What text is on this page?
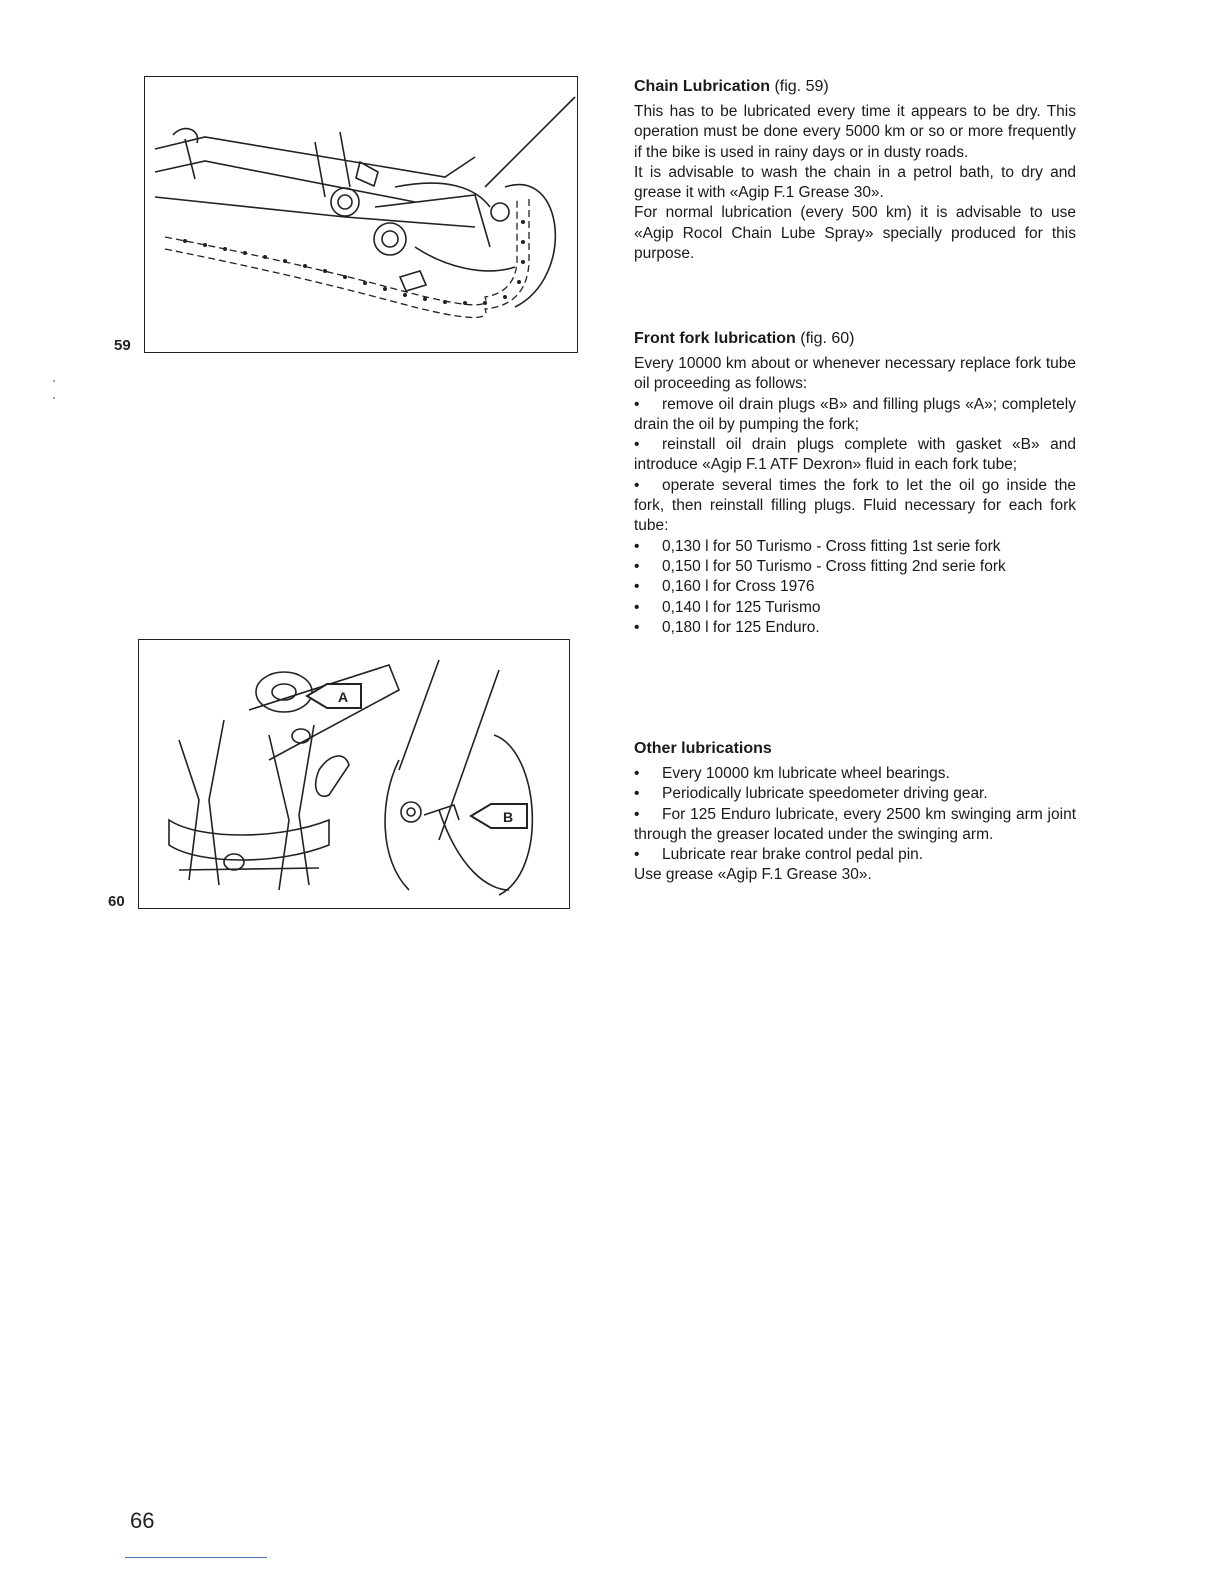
59
A
B
60

Chain Lubrication (fig. 59)

This has to be lubricated every time it appears to be dry. This operation must be done every 5000 km or so or more frequently if the bike is used in rainy days or in dusty roads.

It is advisable to wash the chain in a petrol bath, to dry and grease it with «Agip F.1 Grease 30».

For normal lubrication (every 500 km) it is advisable to use «Agip Rocol Chain Lube Spray» specially produced for this purpose.

Front fork lubrication (fig. 60)

Every 10000 km about or whenever necessary replace fork tube oil proceeding as follows:

• remove oil drain plugs «B» and filling plugs «A»; completely drain the oil by pumping the fork;

• reinstall oil drain plugs complete with gasket «B» and introduce «Agip F.1 ATF Dexron» fluid in each fork tube;

• operate several times the fork to let the oil go inside the fork, then reinstall filling plugs. Fluid necessary for each fork tube:

• 0,130 l for 50 Turismo - Cross fitting 1st serie fork

• 0,150 l for 50 Turismo - Cross fitting 2nd serie fork

• 0,160 l for Cross 1976

• 0,140 l for 125 Turismo

• 0,180 l for 125 Enduro.

Other lubrications

• Every 10000 km lubricate wheel bearings.

• Periodically lubricate speedometer driving gear.

• For 125 Enduro lubricate, every 2500 km swinging arm joint through the greaser located under the swinging arm.

• Lubricate rear brake control pedal pin.

Use grease «Agip F.1 Grease 30».

66
